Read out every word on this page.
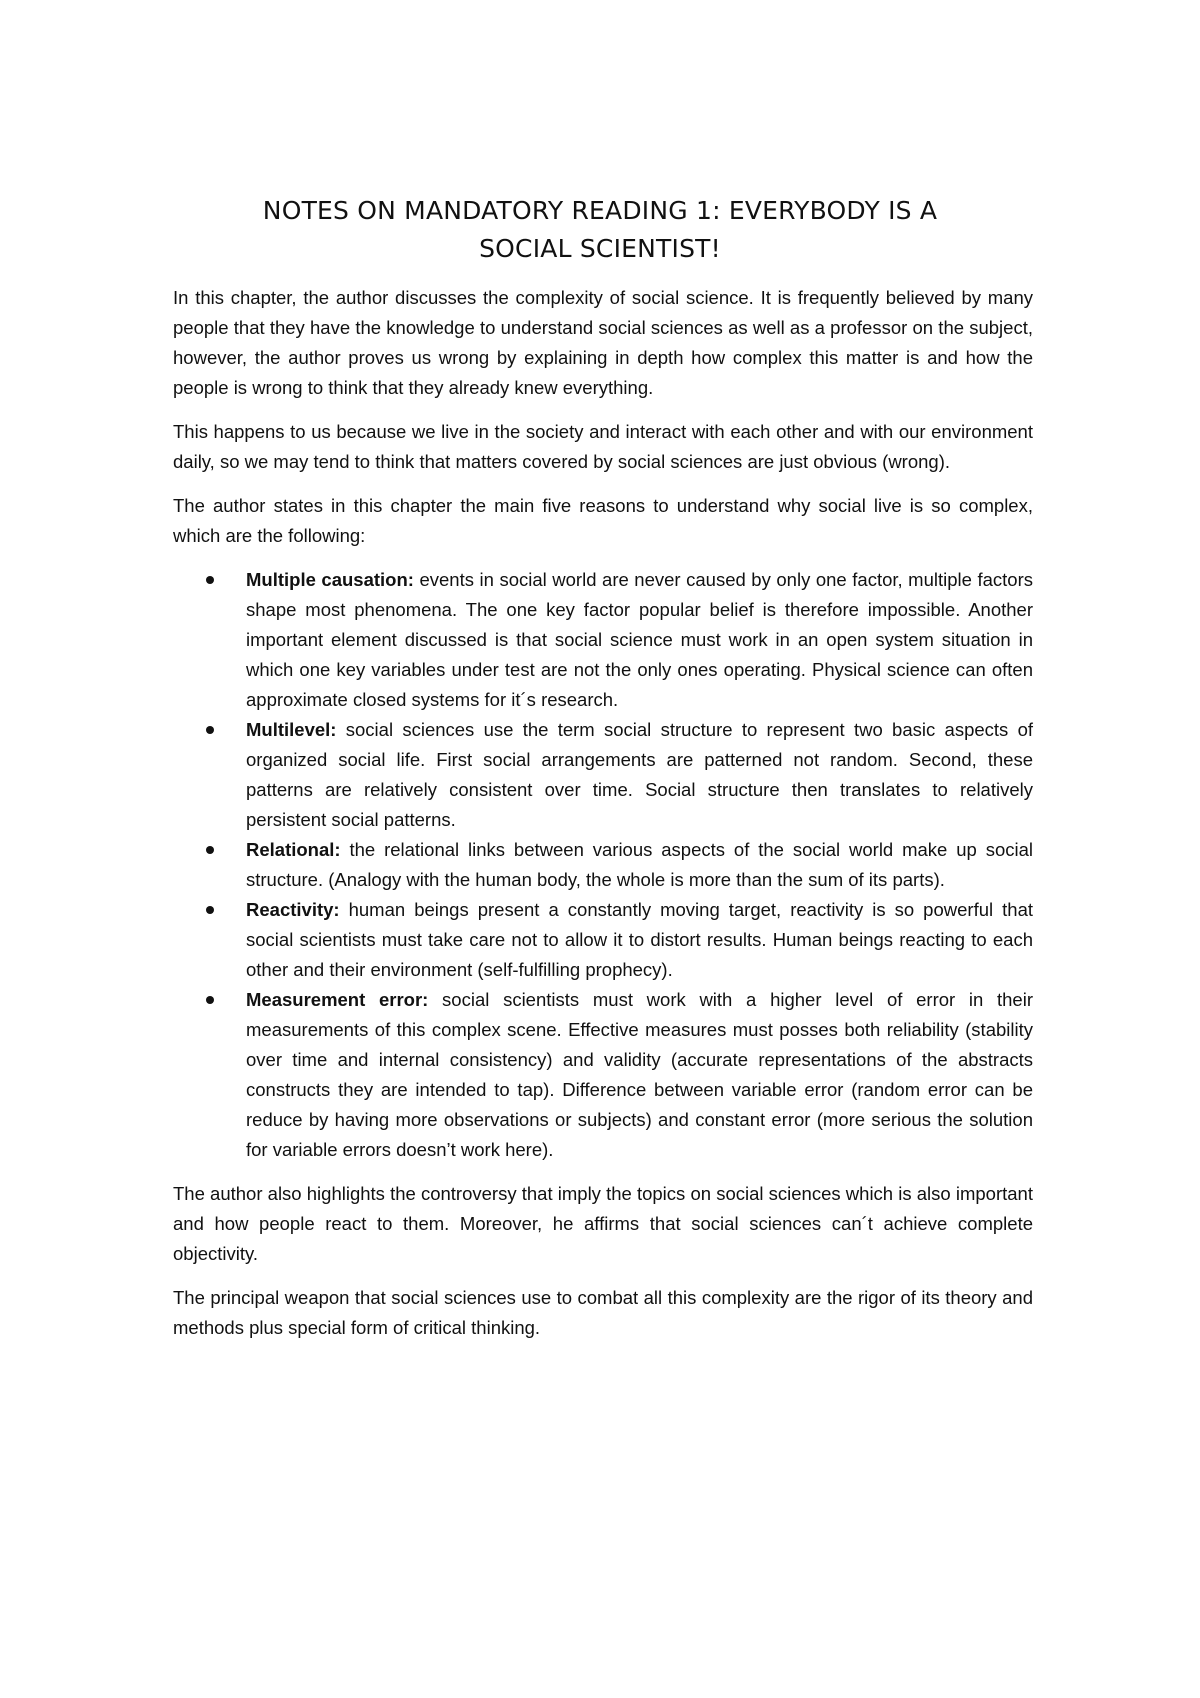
NOTES ON MANDATORY READING 1: EVERYBODY IS A
SOCIAL SCIENTIST!

In this chapter, the author discusses the complexity of social science. It is frequently believed by many people that they have the knowledge to understand social sciences as well as a professor on the subject, however, the author proves us wrong by explaining in depth how complex this matter is and how the people is wrong to think that they already knew everything.

This happens to us because we live in the society and interact with each other and with our environment daily, so we may tend to think that matters covered by social sciences are just obvious (wrong).

The author states in this chapter the main five reasons to understand why social live is so complex, which are the following:

Multiple causation: events in social world are never caused by only one factor, multiple factors shape most phenomena. The one key factor popular belief is therefore impossible. Another important element discussed is that social science must work in an open system situation in which one key variables under test are not the only ones operating. Physical science can often approximate closed systems for it´s research.
Multilevel: social sciences use the term social structure to represent two basic aspects of organized social life. First social arrangements are patterned not random. Second, these patterns are relatively consistent over time. Social structure then translates to relatively persistent social patterns.
Relational: the relational links between various aspects of the social world make up social structure. (Analogy with the human body, the whole is more than the sum of its parts).
Reactivity: human beings present a constantly moving target, reactivity is so powerful that social scientists must take care not to allow it to distort results. Human beings reacting to each other and their environment (self-fulfilling prophecy).
Measurement error: social scientists must work with a higher level of error in their measurements of this complex scene. Effective measures must posses both reliability (stability over time and internal consistency) and validity (accurate representations of the abstracts constructs they are intended to tap). Difference between variable error (random error can be reduce by having more observations or subjects) and constant error (more serious the solution for variable errors doesn’t work here).

The author also highlights the controversy that imply the topics on social sciences which is also important and how people react to them. Moreover, he affirms that social sciences can´t achieve complete objectivity.

The principal weapon that social sciences use to combat all this complexity are the rigor of its theory and methods plus special form of critical thinking.
